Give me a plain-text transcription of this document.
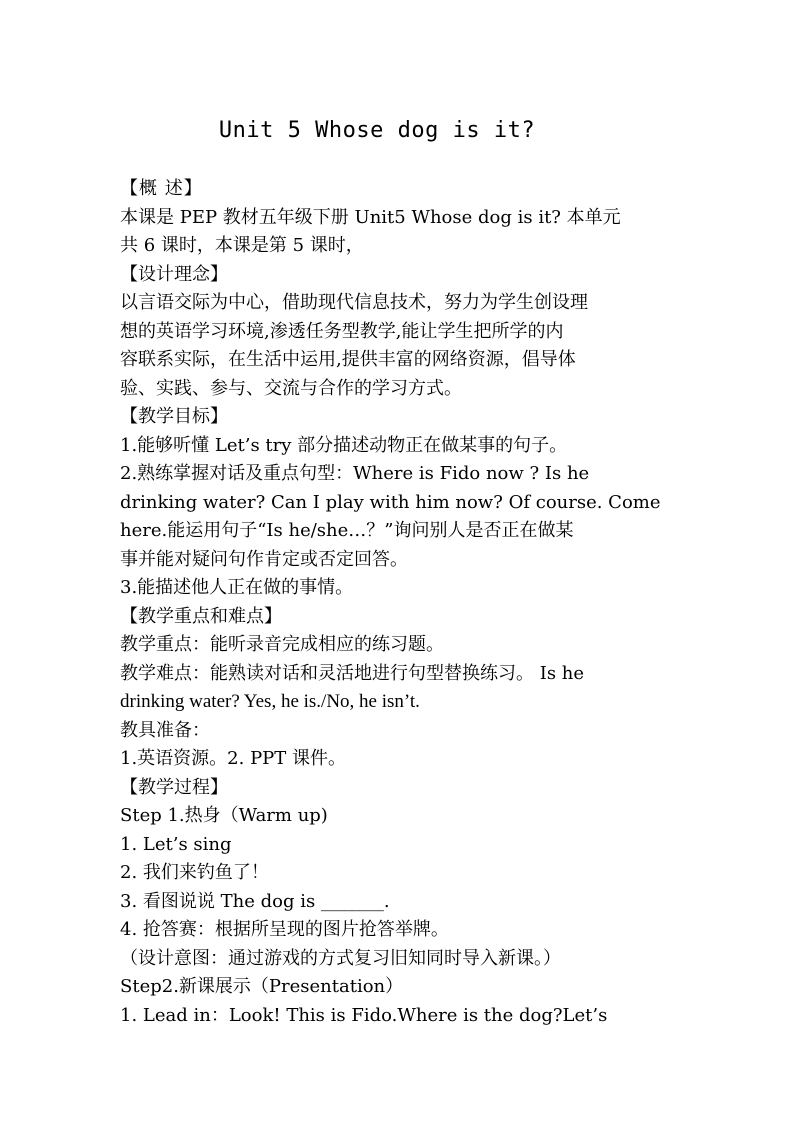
Unit 5 Whose dog is it?
【概 述】
本课是 PEP 教材五年级下册 Unit5 Whose dog is it? 本单元
共 6 课时，本课是第 5 课时，
【设计理念】
以言语交际为中心，借助现代信息技术，努力为学生创设理
想的英语学习环境,渗透任务型教学,能让学生把所学的内
容联系实际，在生活中运用,提供丰富的网络资源，倡导体
验、实践、参与、交流与合作的学习方式。
【教学目标】
1.能够听懂 Let’s try 部分描述动物正在做某事的句子。
2.熟练掌握对话及重点句型：Where is Fido now ? Is he
drinking water? Can I play with him now? Of course. Come
here.能运用句子“Is he/she…？”询问别人是否正在做某
事并能对疑问句作肯定或否定回答。
3.能描述他人正在做的事情。
【教学重点和难点】
教学重点：能听录音完成相应的练习题。
教学难点：能熟读对话和灵活地进行句型替换练习。 Is he
drinking water? Yes, he is./No, he isn’t.
教具准备：
1.英语资源。2. PPT 课件。
【教学过程】
Step 1.热身（Warm up)
1. Let’s sing
2. 我们来钓鱼了！
3. 看图说说 The dog is _______.
4. 抢答赛：根据所呈现的图片抢答举牌。
（设计意图：通过游戏的方式复习旧知同时导入新课。）
Step2.新课展示（Presentation）
1. Lead in：Look! This is Fido.Where is the dog?Let’s
